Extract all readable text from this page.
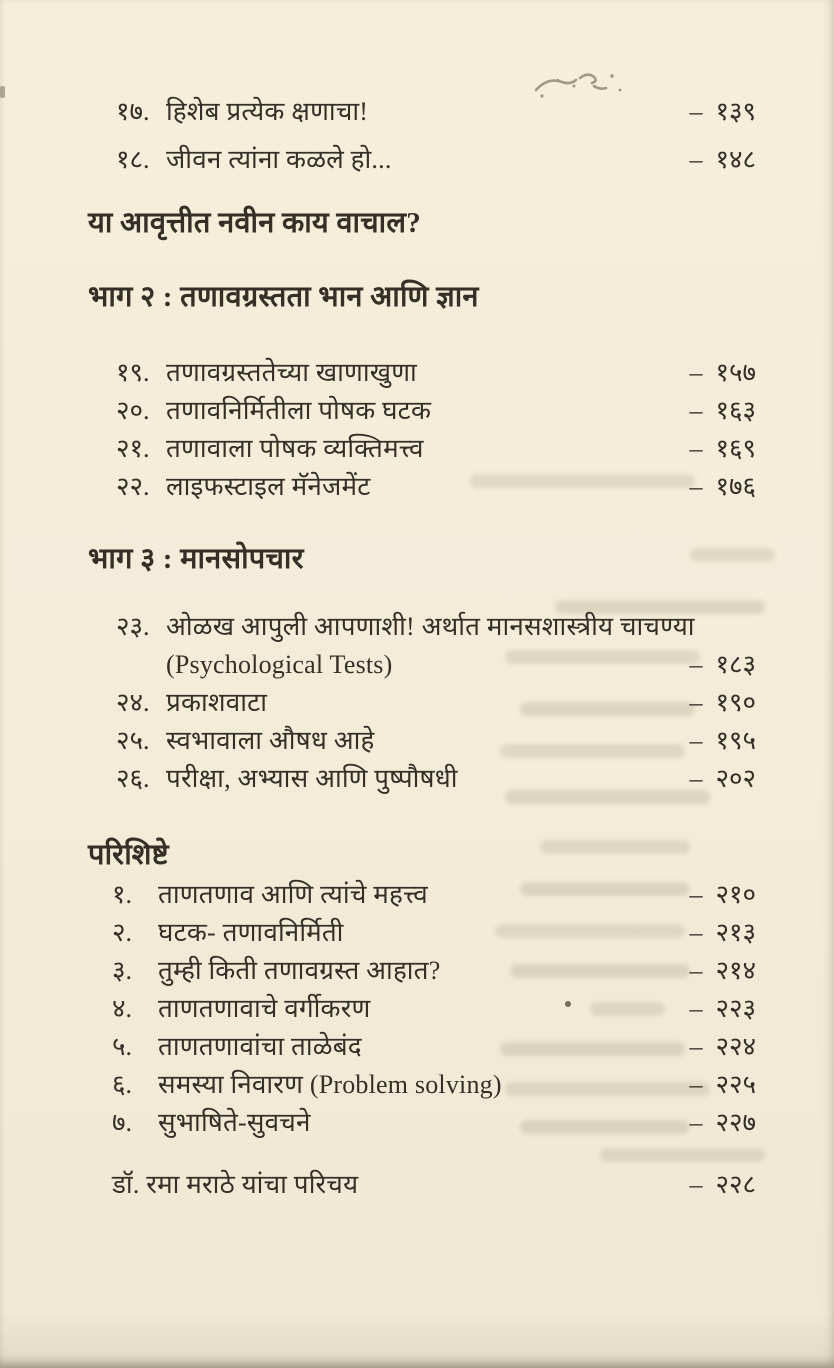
१७. हिशेब प्रत्येक क्षणाचा!	– १३९
१८. जीवन त्यांना कळले हो...	– १४८
या आवृत्तीत नवीन काय वाचाल?
भाग २ : तणावग्रस्तता भान आणि ज्ञान
१९. तणावग्रस्ततेच्या खाणाखुणा	– १५७
२०. तणावनिर्मितीला पोषक घटक	– १६३
२१. तणावाला पोषक व्यक्तिमत्त्व	– १६९
२२. लाइफस्टाइल मॅनेजमेंट	– १७६
भाग ३ : मानसोपचार
२३. ओळख आपुली आपणाशी! अर्थात मानसशास्त्रीय चाचण्या
(Psychological Tests)	– १८३
२४. प्रकाशवाटा	– १९०
२५. स्वभावाला औषध आहे	– १९५
२६. परीक्षा, अभ्यास आणि पुष्पौषधी	– २०२
परिशिष्टे
१. ताणतणाव आणि त्यांचे महत्त्व	– २१०
२. घटक- तणावनिर्मिती	– २१३
३. तुम्ही किती तणावग्रस्त आहात?	– २१४
४. ताणतणावाचे वर्गीकरण	– २२३
५. ताणतणावांचा ताळेबंद	– २२४
६. समस्या निवारण (Problem solving)	– २२५
७. सुभाषिते-सुवचने	– २२७
डॉ. रमा मराठे यांचा परिचय	– २२८
